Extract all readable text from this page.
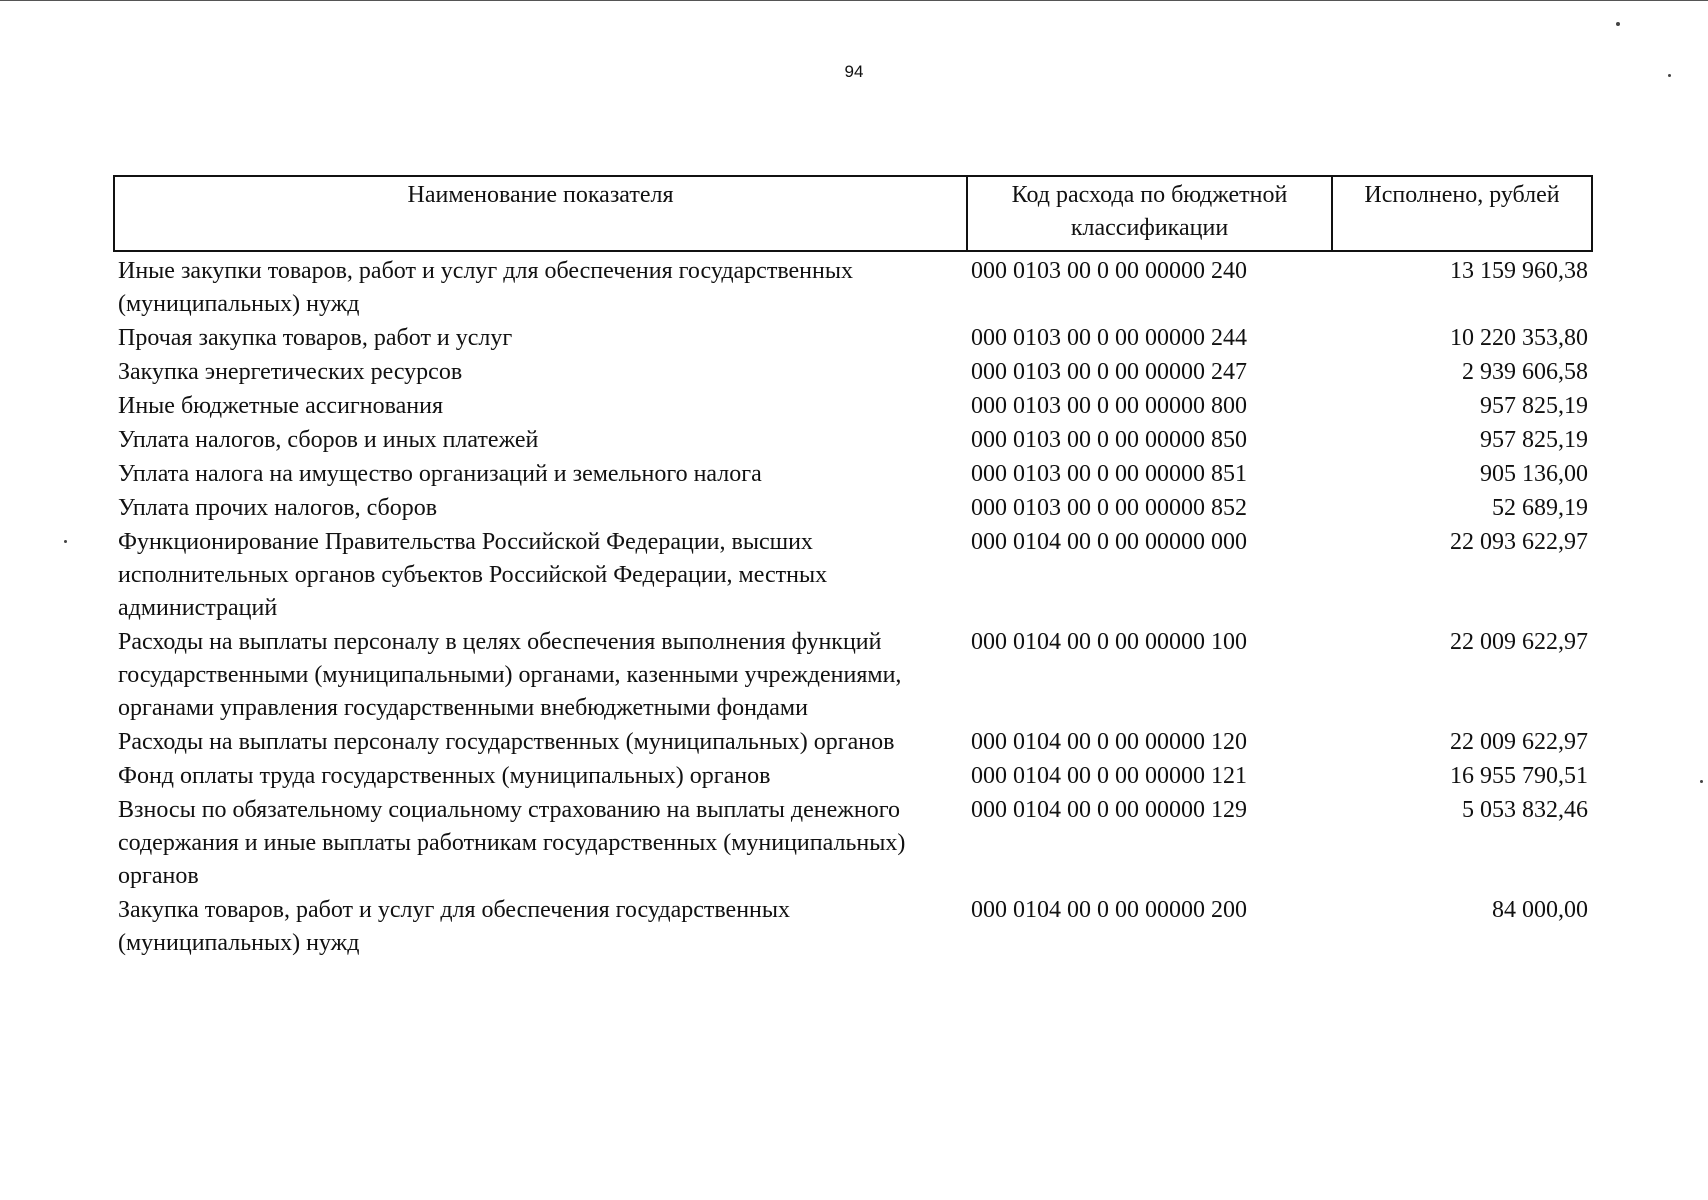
94
Наименование показателя	Код расхода по бюджетной классификации	Исполнено, рублей
Иные закупки товаров, работ и услуг для обеспечения государственных (муниципальных) нужд	000 0103 00 0 00 00000 240	13 159 960,38
Прочая закупка товаров, работ и услуг	000 0103 00 0 00 00000 244	10 220 353,80
Закупка энергетических ресурсов	000 0103 00 0 00 00000 247	2 939 606,58
Иные бюджетные ассигнования	000 0103 00 0 00 00000 800	957 825,19
Уплата налогов, сборов и иных платежей	000 0103 00 0 00 00000 850	957 825,19
Уплата налога на имущество организаций и земельного налога	000 0103 00 0 00 00000 851	905 136,00
Уплата прочих налогов, сборов	000 0103 00 0 00 00000 852	52 689,19
Функционирование Правительства Российской Федерации, высших исполнительных органов субъектов Российской Федерации, местных администраций	000 0104 00 0 00 00000 000	22 093 622,97
Расходы на выплаты персоналу в целях обеспечения выполнения функций государственными (муниципальными) органами, казенными учреждениями, органами управления государственными внебюджетными фондами	000 0104 00 0 00 00000 100	22 009 622,97
Расходы на выплаты персоналу государственных (муниципальных) органов	000 0104 00 0 00 00000 120	22 009 622,97
Фонд оплаты труда государственных (муниципальных) органов	000 0104 00 0 00 00000 121	16 955 790,51
Взносы по обязательному социальному страхованию на выплаты денежного содержания и иные выплаты работникам государственных (муниципальных) органов	000 0104 00 0 00 00000 129	5 053 832,46
Закупка товаров, работ и услуг для обеспечения государственных (муниципальных) нужд	000 0104 00 0 00 00000 200	84 000,00
